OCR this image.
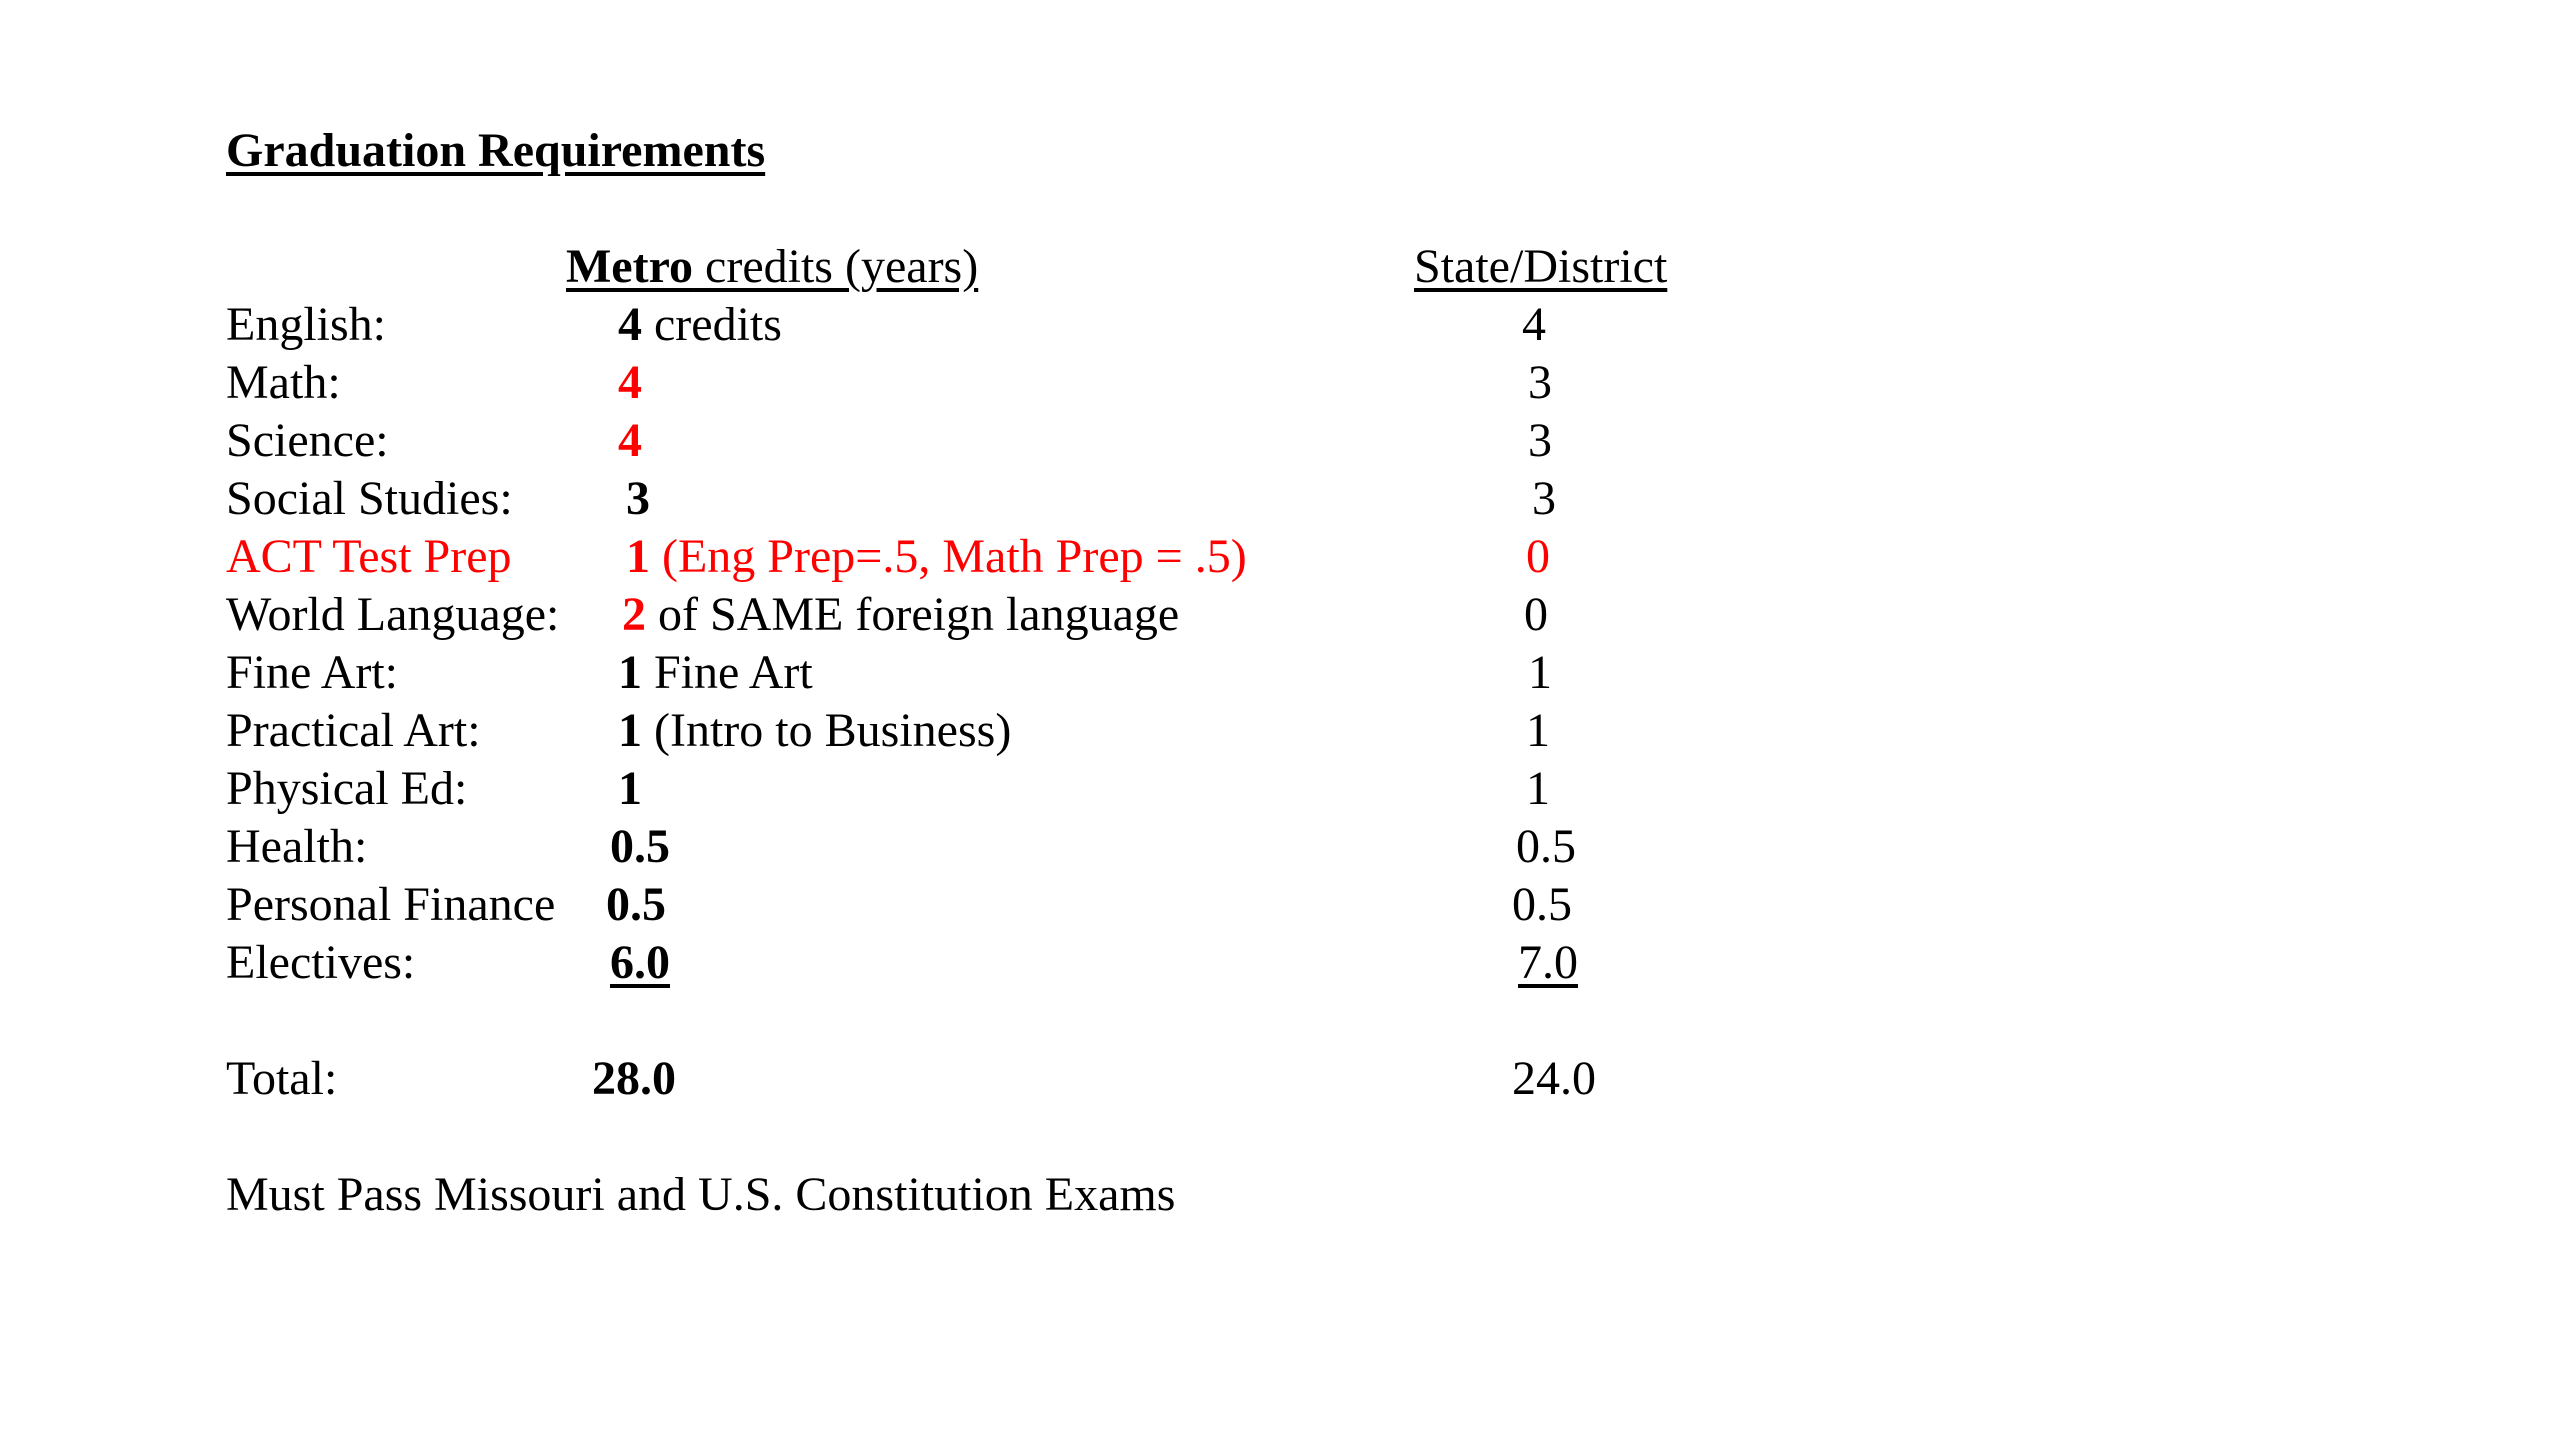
Graduation Requirements
Metro credits (years)	State/District
English:	4 credits	4
Math:	4	3
Science:	4	3
Social Studies: 3	3
ACT Test Prep 1 (Eng Prep=.5, Math Prep = .5)	0
World Language: 2 of SAME foreign language	0
Fine Art:	1 Fine Art	1
Practical Art:	1 (Intro to Business)	1
Physical Ed:	1	1
Health:	0.5	0.5
Personal Finance 0.5	0.5
Electives:	6.0	7.0
Total:	28.0	24.0
Must Pass Missouri and U.S. Constitution Exams
